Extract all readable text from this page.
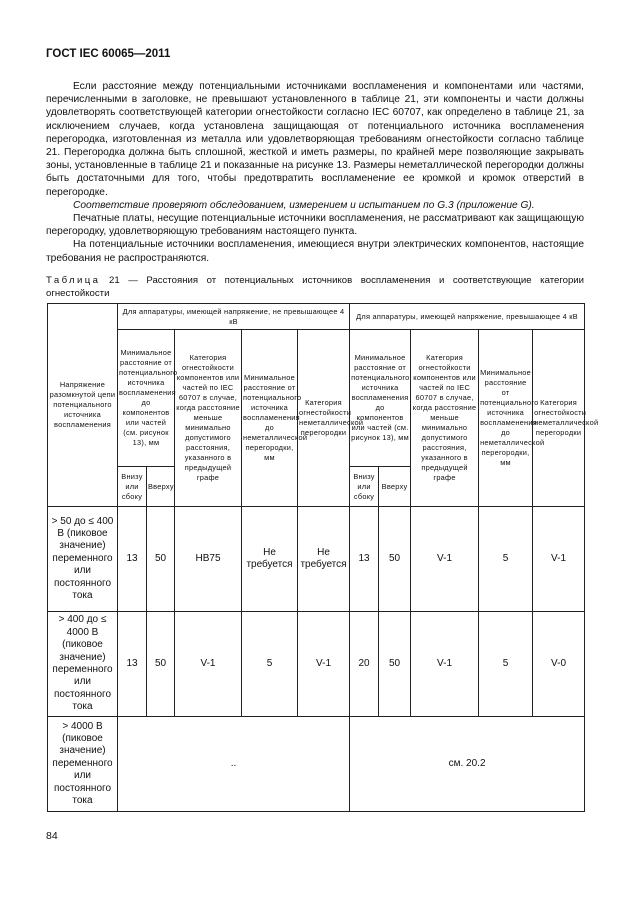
ГОСТ IEC 60065—2011

Если расстояние между потенциальными источниками воспламенения и компонентами или частями, перечисленными в заголовке, не превышают установленного в таблице 21, эти компоненты и части должны удовлетворять соответствующей категории огнестойкости согласно IEC 60707, как определено в таблице 21, за исключением случаев, когда установлена защищающая от потенциального источника воспламенения перегородка, изготовленная из металла или удовлетворяющая требованиям огнестойкости согласно таблице 21. Перегородка должна быть сплошной, жесткой и иметь размеры, по крайней мере позволяющие закрывать зоны, установленные в таблице 21 и показанные на рисунке 13. Размеры неметаллической перегородки должны быть достаточными для того, чтобы предотвратить воспламенение ее кромкой и кромок отверстий в перегородке.

Соответствие проверяют обследованием, измерением и испытанием по G.3 (приложение G).

Печатные платы, несущие потенциальные источники воспламенения, не рассматривают как защищающую перегородку, удовлетворяющую требованиям настоящего пункта.

На потенциальные источники воспламенения, имеющиеся внутри электрических компонентов, настоящие требования не распространяются.

Таблица 21 — Расстояния от потенциальных источников воспламенения и соответствующие категории огнестойкости
Напряжение разомкнутой цепи потенциального источника воспламенения	Для аппаратуры, имеющей напряжение, не превышающее 4 кВ					Для аппаратуры, имеющей напряжение, превышающее 4 кВ				
	Минимальное расстояние от потенциального источника воспламенения до компонентов или частей (см. рисунок 13), мм		Категория огнестойкости компонентов или частей по IEC 60707 в случае, когда расстояние меньше минимально допустимого расстояния, указанного в предыдущей графе	Минимальное расстояние от потенциального источника воспламенения до неметаллической перегородки, мм	Категория огнестойкости неметаллической перегородки	Минимальное расстояние от потенциального источника воспламенения до компонентов или частей (см. рисунок 13), мм		Категория огнестойкости компонентов или частей по IEC 60707 в случае, когда расстояние меньше минимально допустимого расстояния, указанного в предыдущей графе	Минимальное расстояние от потенциального источника воспламенения до неметаллической перегородки, мм	Категория огнестойкости неметаллической перегородки
	Внизу или сбоку	Вверху				Внизу или сбоку	Вверху			
> 50 до ≤ 400 В (пиковое значение) переменного или постоянного тока	13	50	HB75	Не требуется	Не требуется	13	50	V-1	5	V-1
> 400 до ≤ 4000 В (пиковое значение) переменного или постоянного тока	13	50	V-1	5	V-1	20	50	V-1	5	V-0
> 4000 В (пиковое значение) переменного или постоянного тока	..					см. 20.2				
84
